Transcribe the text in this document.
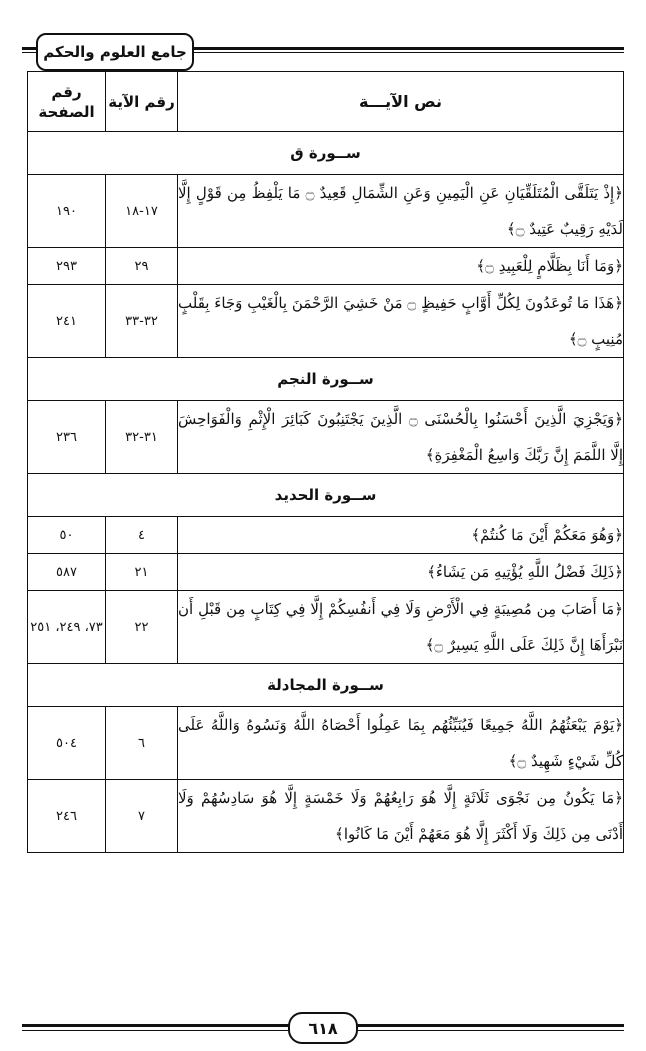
جامع العلوم والحكم
نص الآيـــة	رقم الآية	رقم الصفحة
ســورة ق		
﴿إِذْ يَتَلَقَّى الْمُتَلَقِّيَانِ عَنِ الْيَمِينِ وَعَنِ الشِّمَالِ قَعِيدٌ ۝ مَا يَلْفِظُ مِن قَوْلٍ إِلَّا لَدَيْهِ رَقِيبٌ عَتِيدٌ ۝﴾	١٧-١٨	١٩٠
﴿وَمَا أَنَا بِظَلَّامٍ لِلْعَبِيدِ ۝﴾	٢٩	٢٩٣
﴿هَذَا مَا تُوعَدُونَ لِكُلِّ أَوَّابٍ حَفِيظٍ ۝ مَنْ خَشِيَ الرَّحْمَنَ بِالْغَيْبِ وَجَاءَ بِقَلْبٍ مُنِيبٍ ۝﴾	٣٢-٣٣	٢٤١
ســورة النجم		
﴿وَيَجْزِيَ الَّذِينَ أَحْسَنُوا بِالْحُسْنَى ۝ الَّذِينَ يَجْتَنِبُونَ كَبَائِرَ الْإِثْمِ وَالْفَوَاحِشَ إِلَّا اللَّمَمَ إِنَّ رَبَّكَ وَاسِعُ الْمَغْفِرَةِ﴾	٣١-٣٢	٢٣٦
ســورة الحديد		
﴿وَهُوَ مَعَكُمْ أَيْنَ مَا كُنتُمْ﴾	٤	٥٠
﴿ذَلِكَ فَضْلُ اللَّهِ يُؤْتِيهِ مَن يَشَاءُ﴾	٢١	٥٨٧
﴿مَا أَصَابَ مِن مُصِيبَةٍ فِي الْأَرْضِ وَلَا فِي أَنفُسِكُمْ إِلَّا فِي كِتَابٍ مِن قَبْلِ أَن نَبْرَأَهَا إِنَّ ذَلِكَ عَلَى اللَّهِ يَسِيرٌ ۝﴾	٢٢	٧٣، ٢٤٩، ٢٥١
ســورة المجادلة		
﴿يَوْمَ يَبْعَثُهُمُ اللَّهُ جَمِيعًا فَيُنَبِّئُهُم بِمَا عَمِلُوا أَحْصَاهُ اللَّهُ وَنَسُوهُ وَاللَّهُ عَلَى كُلِّ شَيْءٍ شَهِيدٌ ۝﴾	٦	٥٠٤
﴿مَا يَكُونُ مِن نَجْوَى ثَلَاثَةٍ إِلَّا هُوَ رَابِعُهُمْ وَلَا خَمْسَةٍ إِلَّا هُوَ سَادِسُهُمْ وَلَا أَدْنَى مِن ذَلِكَ وَلَا أَكْثَرَ إِلَّا هُوَ مَعَهُمْ أَيْنَ مَا كَانُوا﴾	٧	٢٤٦
٦١٨
